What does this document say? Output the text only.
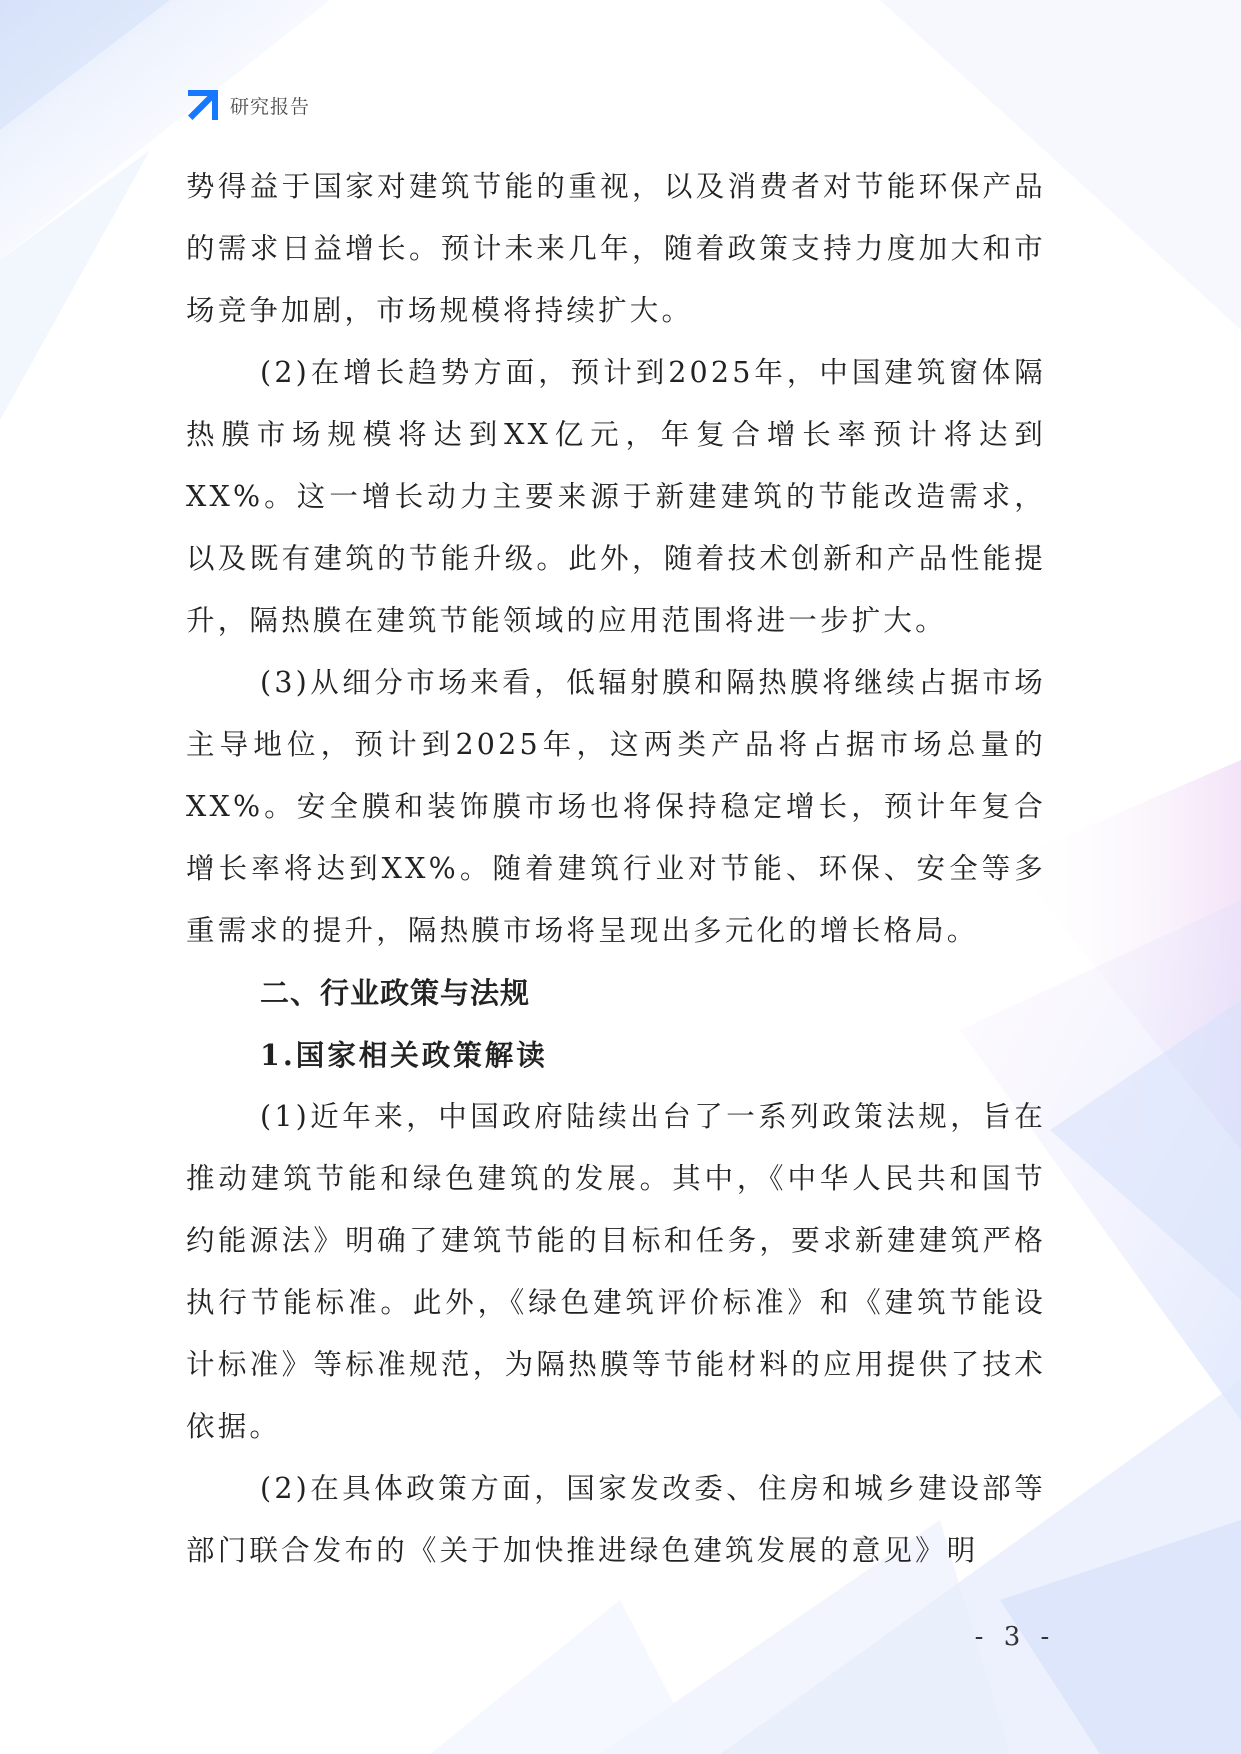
研究报告

势得益于国家对建筑节能的重视，以及消费者对节能环保产品的需求日益增长。预计未来几年，随着政策支持力度加大和市场竞争加剧，市场规模将持续扩大。

(2)在增长趋势方面，预计到2025年，中国建筑窗体隔热膜市场规模将达到XX亿元，年复合增长率预计将达到XX%。这一增长动力主要来源于新建建筑的节能改造需求，以及既有建筑的节能升级。此外，随着技术创新和产品性能提升，隔热膜在建筑节能领域的应用范围将进一步扩大。

(3)从细分市场来看，低辐射膜和隔热膜将继续占据市场主导地位，预计到2025年，这两类产品将占据市场总量的XX%。安全膜和装饰膜市场也将保持稳定增长，预计年复合增长率将达到XX%。随着建筑行业对节能、环保、安全等多重需求的提升，隔热膜市场将呈现出多元化的增长格局。

二、行业政策与法规
1.国家相关政策解读

(1)近年来，中国政府陆续出台了一系列政策法规，旨在推动建筑节能和绿色建筑的发展。其中，《中华人民共和国节约能源法》明确了建筑节能的目标和任务，要求新建建筑严格执行节能标准。此外，《绿色建筑评价标准》和《建筑节能设计标准》等标准规范，为隔热膜等节能材料的应用提供了技术依据。

(2)在具体政策方面，国家发改委、住房和城乡建设部等部门联合发布的《关于加快推进绿色建筑发展的意见》明

- 3 -
